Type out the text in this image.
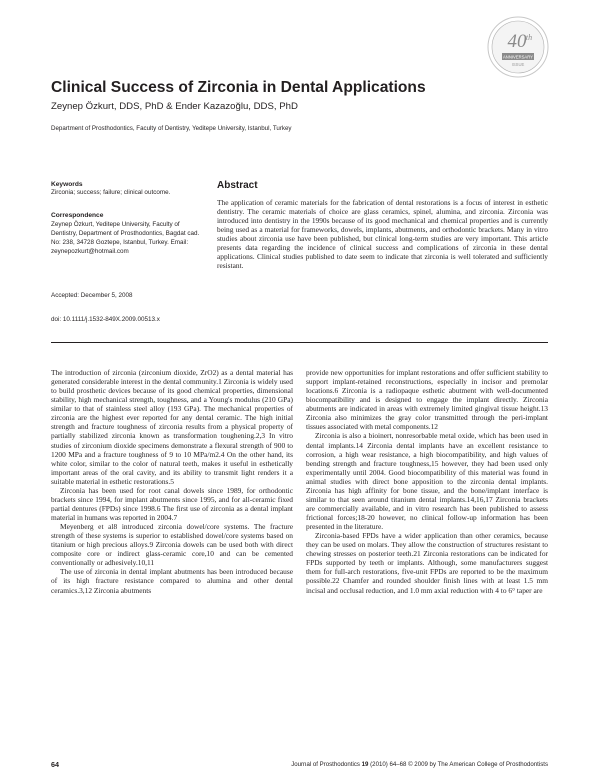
40 th
ANNIVERSARY
ISSUE
Clinical Success of Zirconia in Dental Applications
Zeynep Özkurt, DDS, PhD & Ender Kazazoğlu, DDS, PhD
Department of Prosthodontics, Faculty of Dentistry, Yeditepe University, Istanbul, Turkey
Keywords
Zirconia; success; failure; clinical outcome.
Correspondence
Zeynep Özkurt, Yeditepe University, Faculty of Dentistry, Department of Prosthodontics, Bagdat cad. No: 238, 34728 Goztepe, Istanbul, Turkey. Email: zeynepozkurt@hotmail.com
Accepted: December 5, 2008
doi: 10.1111/j.1532-849X.2009.00513.x
Abstract

The application of ceramic materials for the fabrication of dental restorations is a focus of interest in esthetic dentistry. The ceramic materials of choice are glass ceramics, spinel, alumina, and zirconia. Zirconia was introduced into dentistry in the 1990s because of its good mechanical and chemical properties and is currently being used as a material for frameworks, dowels, implants, abutments, and orthodontic brackets. Many in vitro studies about zirconia use have been published, but clinical long-term studies are very important. This article presents data regarding the incidence of clinical success and complications of zirconia in these dental applications. Clinical studies published to date seem to indicate that zirconia is well tolerated and sufficiently resistant.

The introduction of zirconia (zirconium dioxide, ZrO2) as a dental material has generated considerable interest in the dental community.1 Zirconia is widely used to build prosthetic devices because of its good chemical properties, dimensional stability, high mechanical strength, toughness, and a Young's modulus (210 GPa) similar to that of stainless steel alloy (193 GPa). The mechanical properties of zirconia are the highest ever reported for any dental ceramic. The high initial strength and fracture toughness of zirconia results from a physical property of partially stabilized zirconia known as transformation toughening.2,3 In vitro studies of zirconium dioxide specimens demonstrate a flexural strength of 900 to 1200 MPa and a fracture toughness of 9 to 10 MPa/m2.4 On the other hand, its white color, similar to the color of natural teeth, makes it useful in esthetically important areas of the oral cavity, and its ability to transmit light renders it a suitable material in esthetic restorations.5

Zirconia has been used for root canal dowels since 1989, for orthodontic brackets since 1994, for implant abutments since 1995, and for all-ceramic fixed partial dentures (FPDs) since 1998.6 The first use of zirconia as a dental implant material in humans was reported in 2004.7

Meyenberg et al8 introduced zirconia dowel/core systems. The fracture strength of these systems is superior to established dowel/core systems based on titanium or high precious alloys.9 Zirconia dowels can be used both with direct composite core or indirect glass-ceramic core,10 and can be cemented conventionally or adhesively.10,11

The use of zirconia in dental implant abutments has been introduced because of its high fracture resistance compared to alumina and other dental ceramics.3,12 Zirconia abutments

provide new opportunities for implant restorations and offer sufficient stability to support implant-retained reconstructions, especially in incisor and premolar locations.6 Zirconia is a radiopaque esthetic abutment with well-documented biocompatibility and is designed to engage the implant directly. Zirconia abutments are indicated in areas with extremely limited gingival tissue height.13 Zirconia also minimizes the gray color transmitted through the peri-implant tissues associated with metal components.12

Zirconia is also a bioinert, nonresorbable metal oxide, which has been used in dental implants.14 Zirconia dental implants have an excellent resistance to corrosion, a high wear resistance, a high biocompatibility, and high values of bending strength and fracture toughness,15 however, they had been used only experimentally until 2004. Good biocompatibility of this material was found in animal studies with direct bone apposition to the zirconia dental implants. Zirconia has high affinity for bone tissue, and the bone/implant interface is similar to that seen around titanium dental implants.14,16,17 Zirconia brackets are commercially available, and in vitro research has been published to assess frictional forces;18-20 however, no clinical follow-up information has been presented in the literature.

Zirconia-based FPDs have a wider application than other ceramics, because they can be used on molars. They allow the construction of structures resistant to chewing stresses on posterior teeth.21 Zirconia restorations can be indicated for FPDs supported by teeth or implants. Although, some manufacturers suggest them for full-arch restorations, five-unit FPDs are reported to be the maximum possible.22 Chamfer and rounded shoulder finish lines with at least 1.5 mm incisal and occlusal reduction, and 1.0 mm axial reduction with 4 to 6° taper are

64	Journal of Prosthodontics 19 (2010) 64–68 © 2009 by The American College of Prosthodontists
